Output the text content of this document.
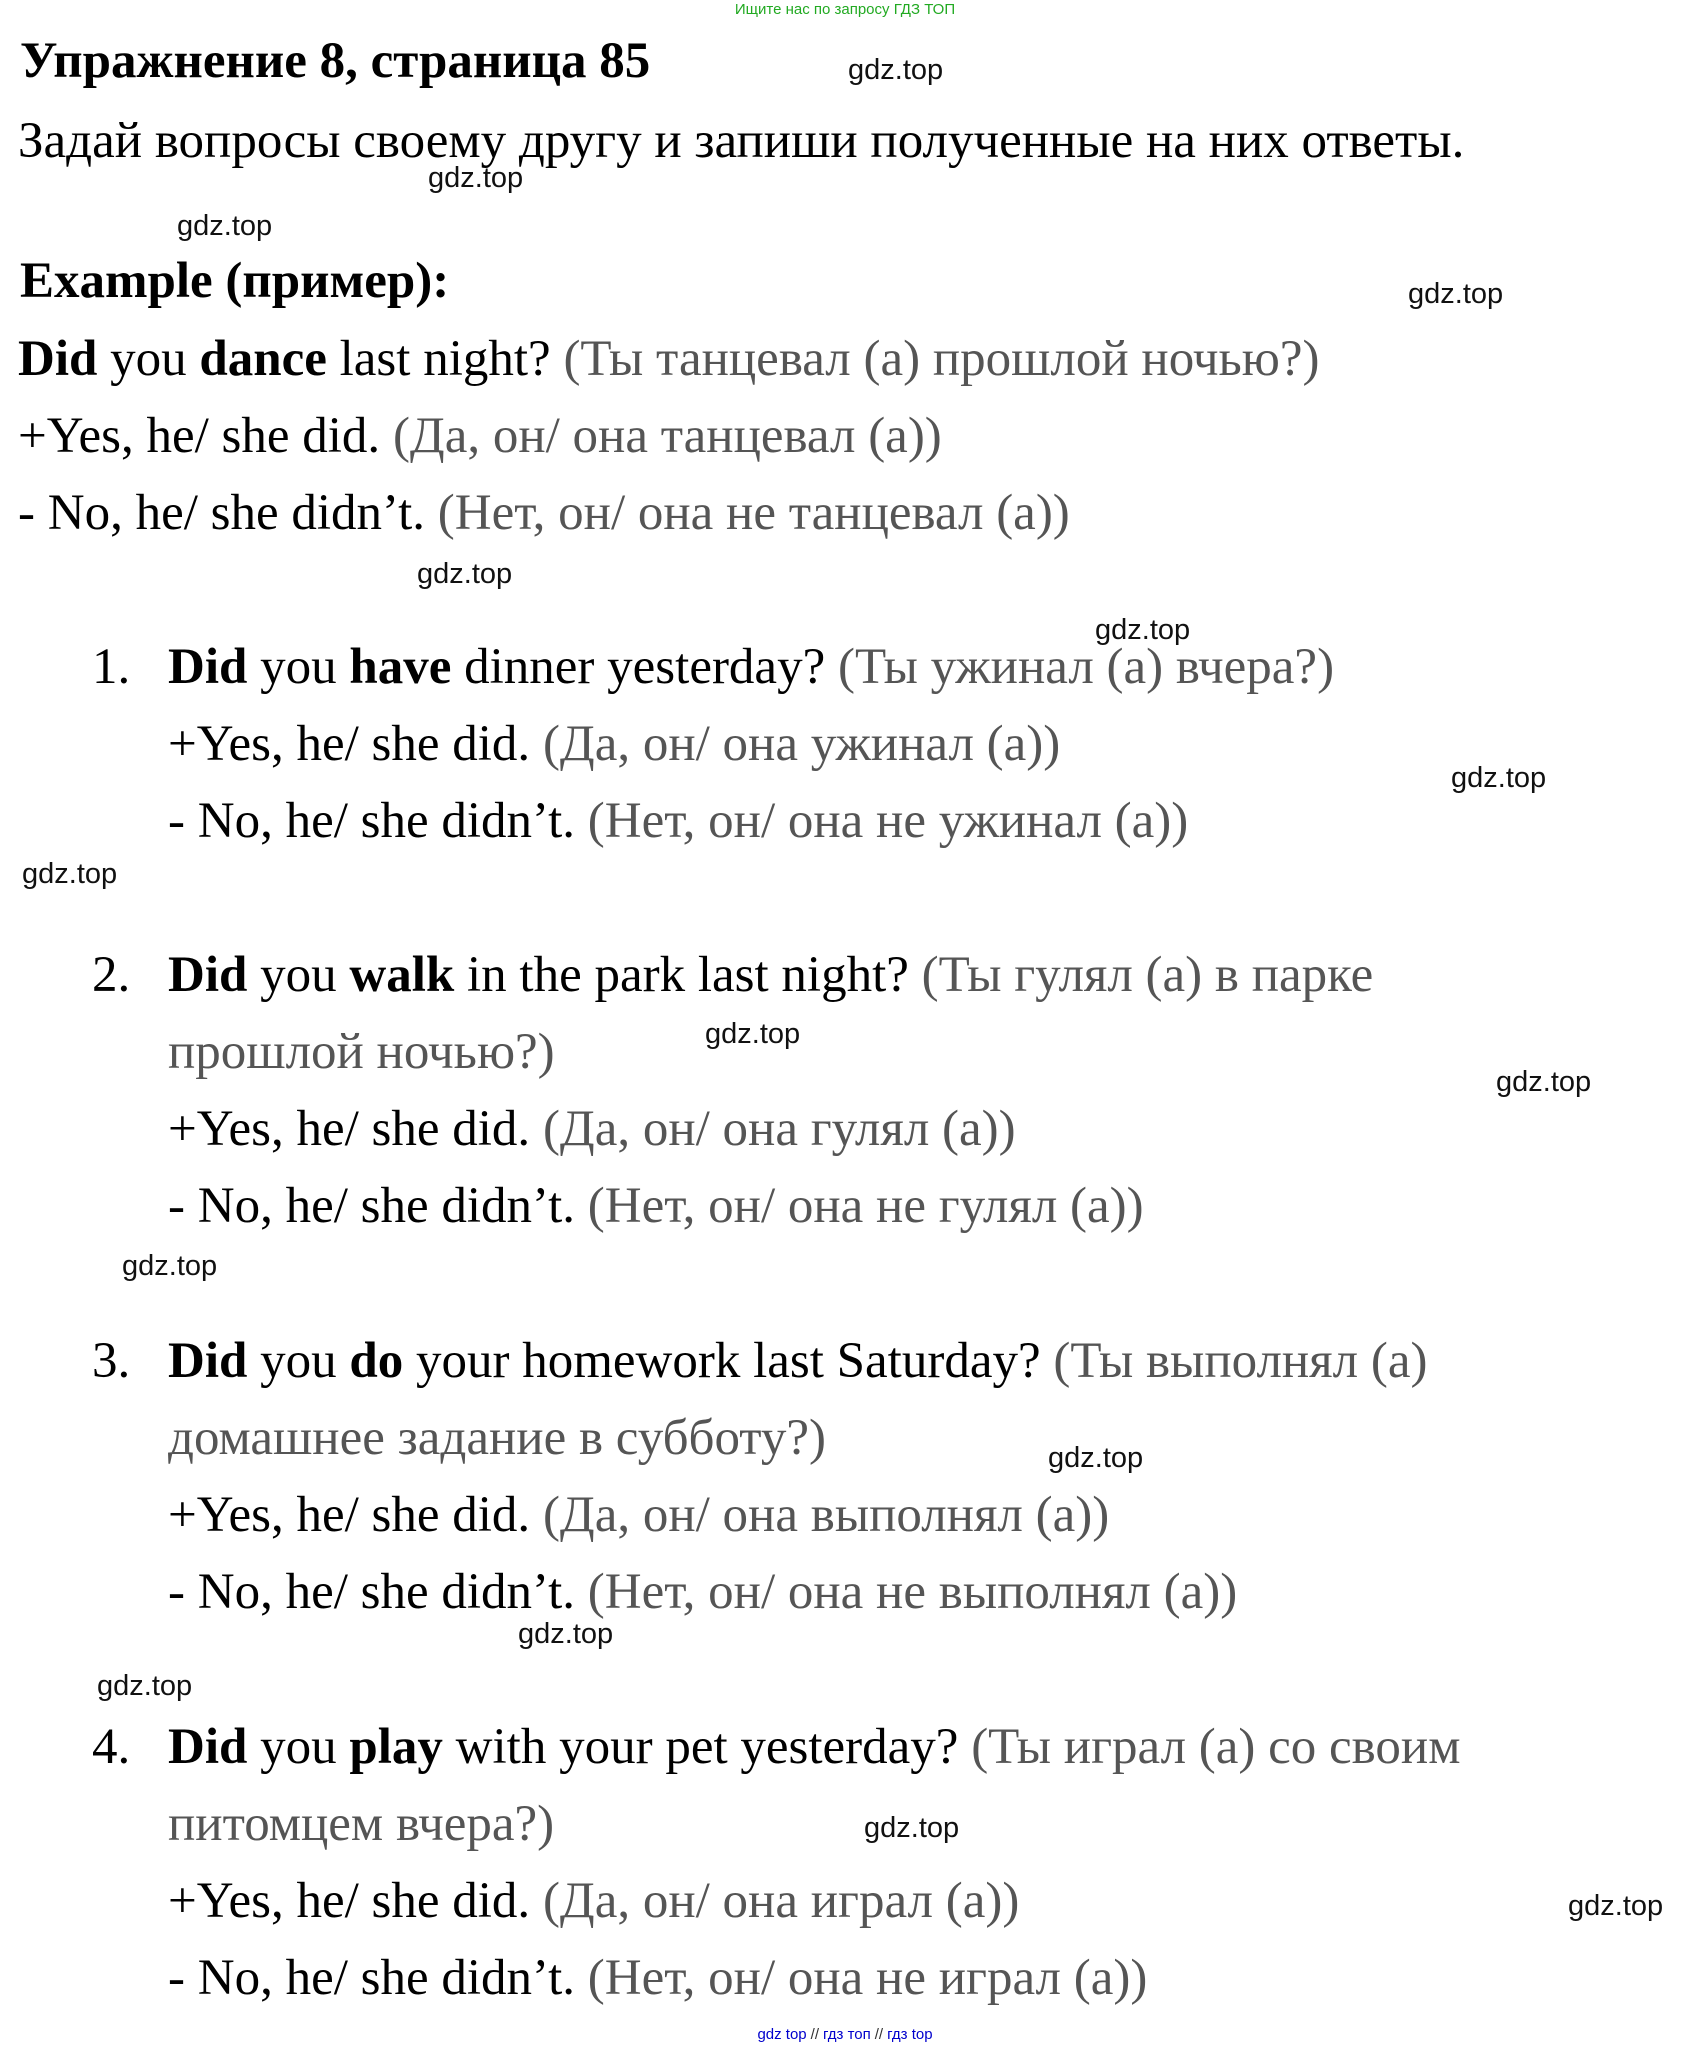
Ищите нас по запросу ГДЗ ТОП
Упражнение 8, страница 85
Задай вопросы своему другу и запиши полученные на них ответы.
Example (пример):
Did you dance last night? (Ты танцевал (а) прошлой ночью?)
+Yes, he/ she did. (Да, он/ она танцевал (а))
- No, he/ she didn’t. (Нет, он/ она не танцевал (а))
1. Did you have dinner yesterday? (Ты ужинал (а) вчера?)
+Yes, he/ she did. (Да, он/ она ужинал (а))
- No, he/ she didn’t. (Нет, он/ она не ужинал (а))
2. Did you walk in the park last night? (Ты гулял (а) в парке
прошлой ночью?)
+Yes, he/ she did. (Да, он/ она гулял (а))
- No, he/ she didn’t. (Нет, он/ она не гулял (а))
3. Did you do your homework last Saturday? (Ты выполнял (а)
домашнее задание в субботу?)
+Yes, he/ she did. (Да, он/ она выполнял (а))
- No, he/ she didn’t. (Нет, он/ она не выполнял (а))
4. Did you play with your pet yesterday? (Ты играл (а) со своим
питомцем вчера?)
+Yes, he/ she did. (Да, он/ она играл (а))
- No, he/ she didn’t. (Нет, он/ она не играл (а))
gdz.top
gdz.top
gdz.top
gdz.top
gdz.top
gdz.top
gdz.top
gdz.top
gdz.top
gdz.top
gdz.top
gdz.top
gdz.top
gdz.top
gdz.top
gdz.top
gdz top // гдз топ // гдз top
